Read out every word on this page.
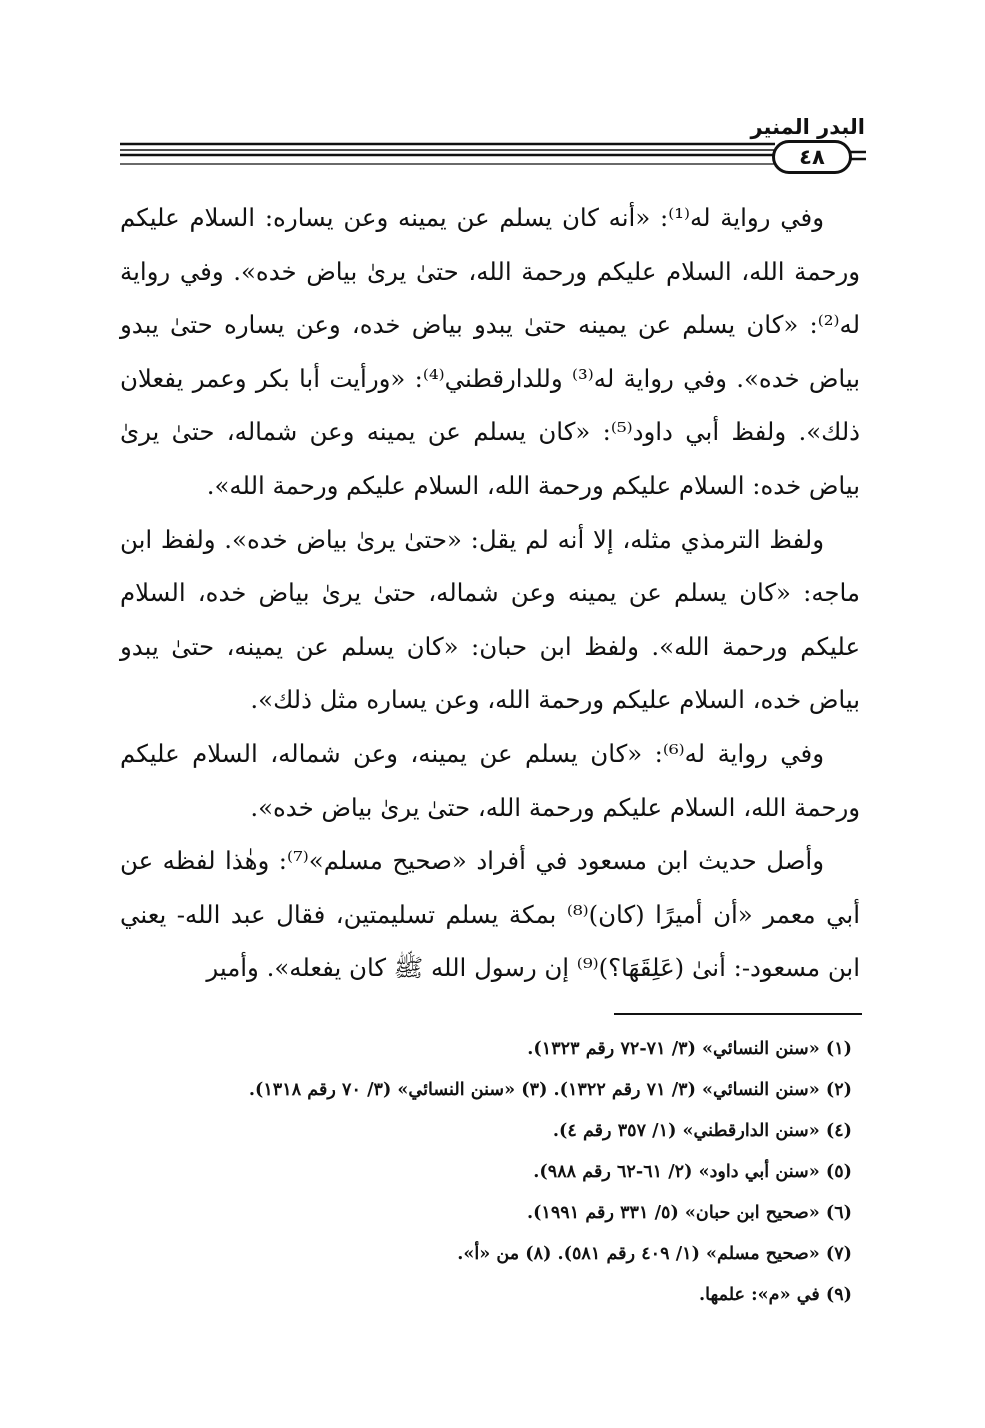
البدر المنير
٤٨

وفي رواية له⁽¹⁾: «أنه كان يسلم عن يمينه وعن يساره: السلام عليكم ورحمة الله، السلام عليكم ورحمة الله، حتىٰ يرىٰ بياض خده». وفي رواية له⁽²⁾: «كان يسلم عن يمينه حتىٰ يبدو بياض خده، وعن يساره حتىٰ يبدو بياض خده». وفي رواية له⁽³⁾ وللدارقطني⁽⁴⁾: «ورأيت أبا بكر وعمر يفعلان ذلك». ولفظ أبي داود⁽⁵⁾: «كان يسلم عن يمينه وعن شماله، حتىٰ يرىٰ بياض خده: السلام عليكم ورحمة الله، السلام عليكم ورحمة الله».

ولفظ الترمذي مثله، إلا أنه لم يقل: «حتىٰ يرىٰ بياض خده». ولفظ ابن ماجه: «كان يسلم عن يمينه وعن شماله، حتىٰ يرىٰ بياض خده، السلام عليكم ورحمة الله». ولفظ ابن حبان: «كان يسلم عن يمينه، حتىٰ يبدو بياض خده، السلام عليكم ورحمة الله، وعن يساره مثل ذلك».

وفي رواية له⁽⁶⁾: «كان يسلم عن يمينه، وعن شماله، السلام عليكم ورحمة الله، السلام عليكم ورحمة الله، حتىٰ يرىٰ بياض خده».

وأصل حديث ابن مسعود في أفراد «صحيح مسلم»⁽⁷⁾: وهٰذا لفظه عن أبي معمر «أن أميرًا (كان)⁽⁸⁾ بمكة يسلم تسليمتين، فقال عبد الله- يعني ابن مسعود-: أنىٰ (عَلِقَهَا؟)⁽⁹⁾ إن رسول الله ﷺ كان يفعله». وأمير

(١) «سنن النسائي» (٣/ ٧١-٧٢ رقم ١٣٢٣).

(٢) «سنن النسائي» (٣/ ٧١ رقم ١٣٢٢). (٣) «سنن النسائي» (٣/ ٧٠ رقم ١٣١٨).

(٤) «سنن الدارقطني» (١/ ٣٥٧ رقم ٤).

(٥) «سنن أبي داود» (٢/ ٦١-٦٢ رقم ٩٨٨).

(٦) «صحيح ابن حبان» (٥/ ٣٣١ رقم ١٩٩١).

(٧) «صحيح مسلم» (١/ ٤٠٩ رقم ٥٨١). (٨) من «أ».

(٩) في «م»: علمها.
